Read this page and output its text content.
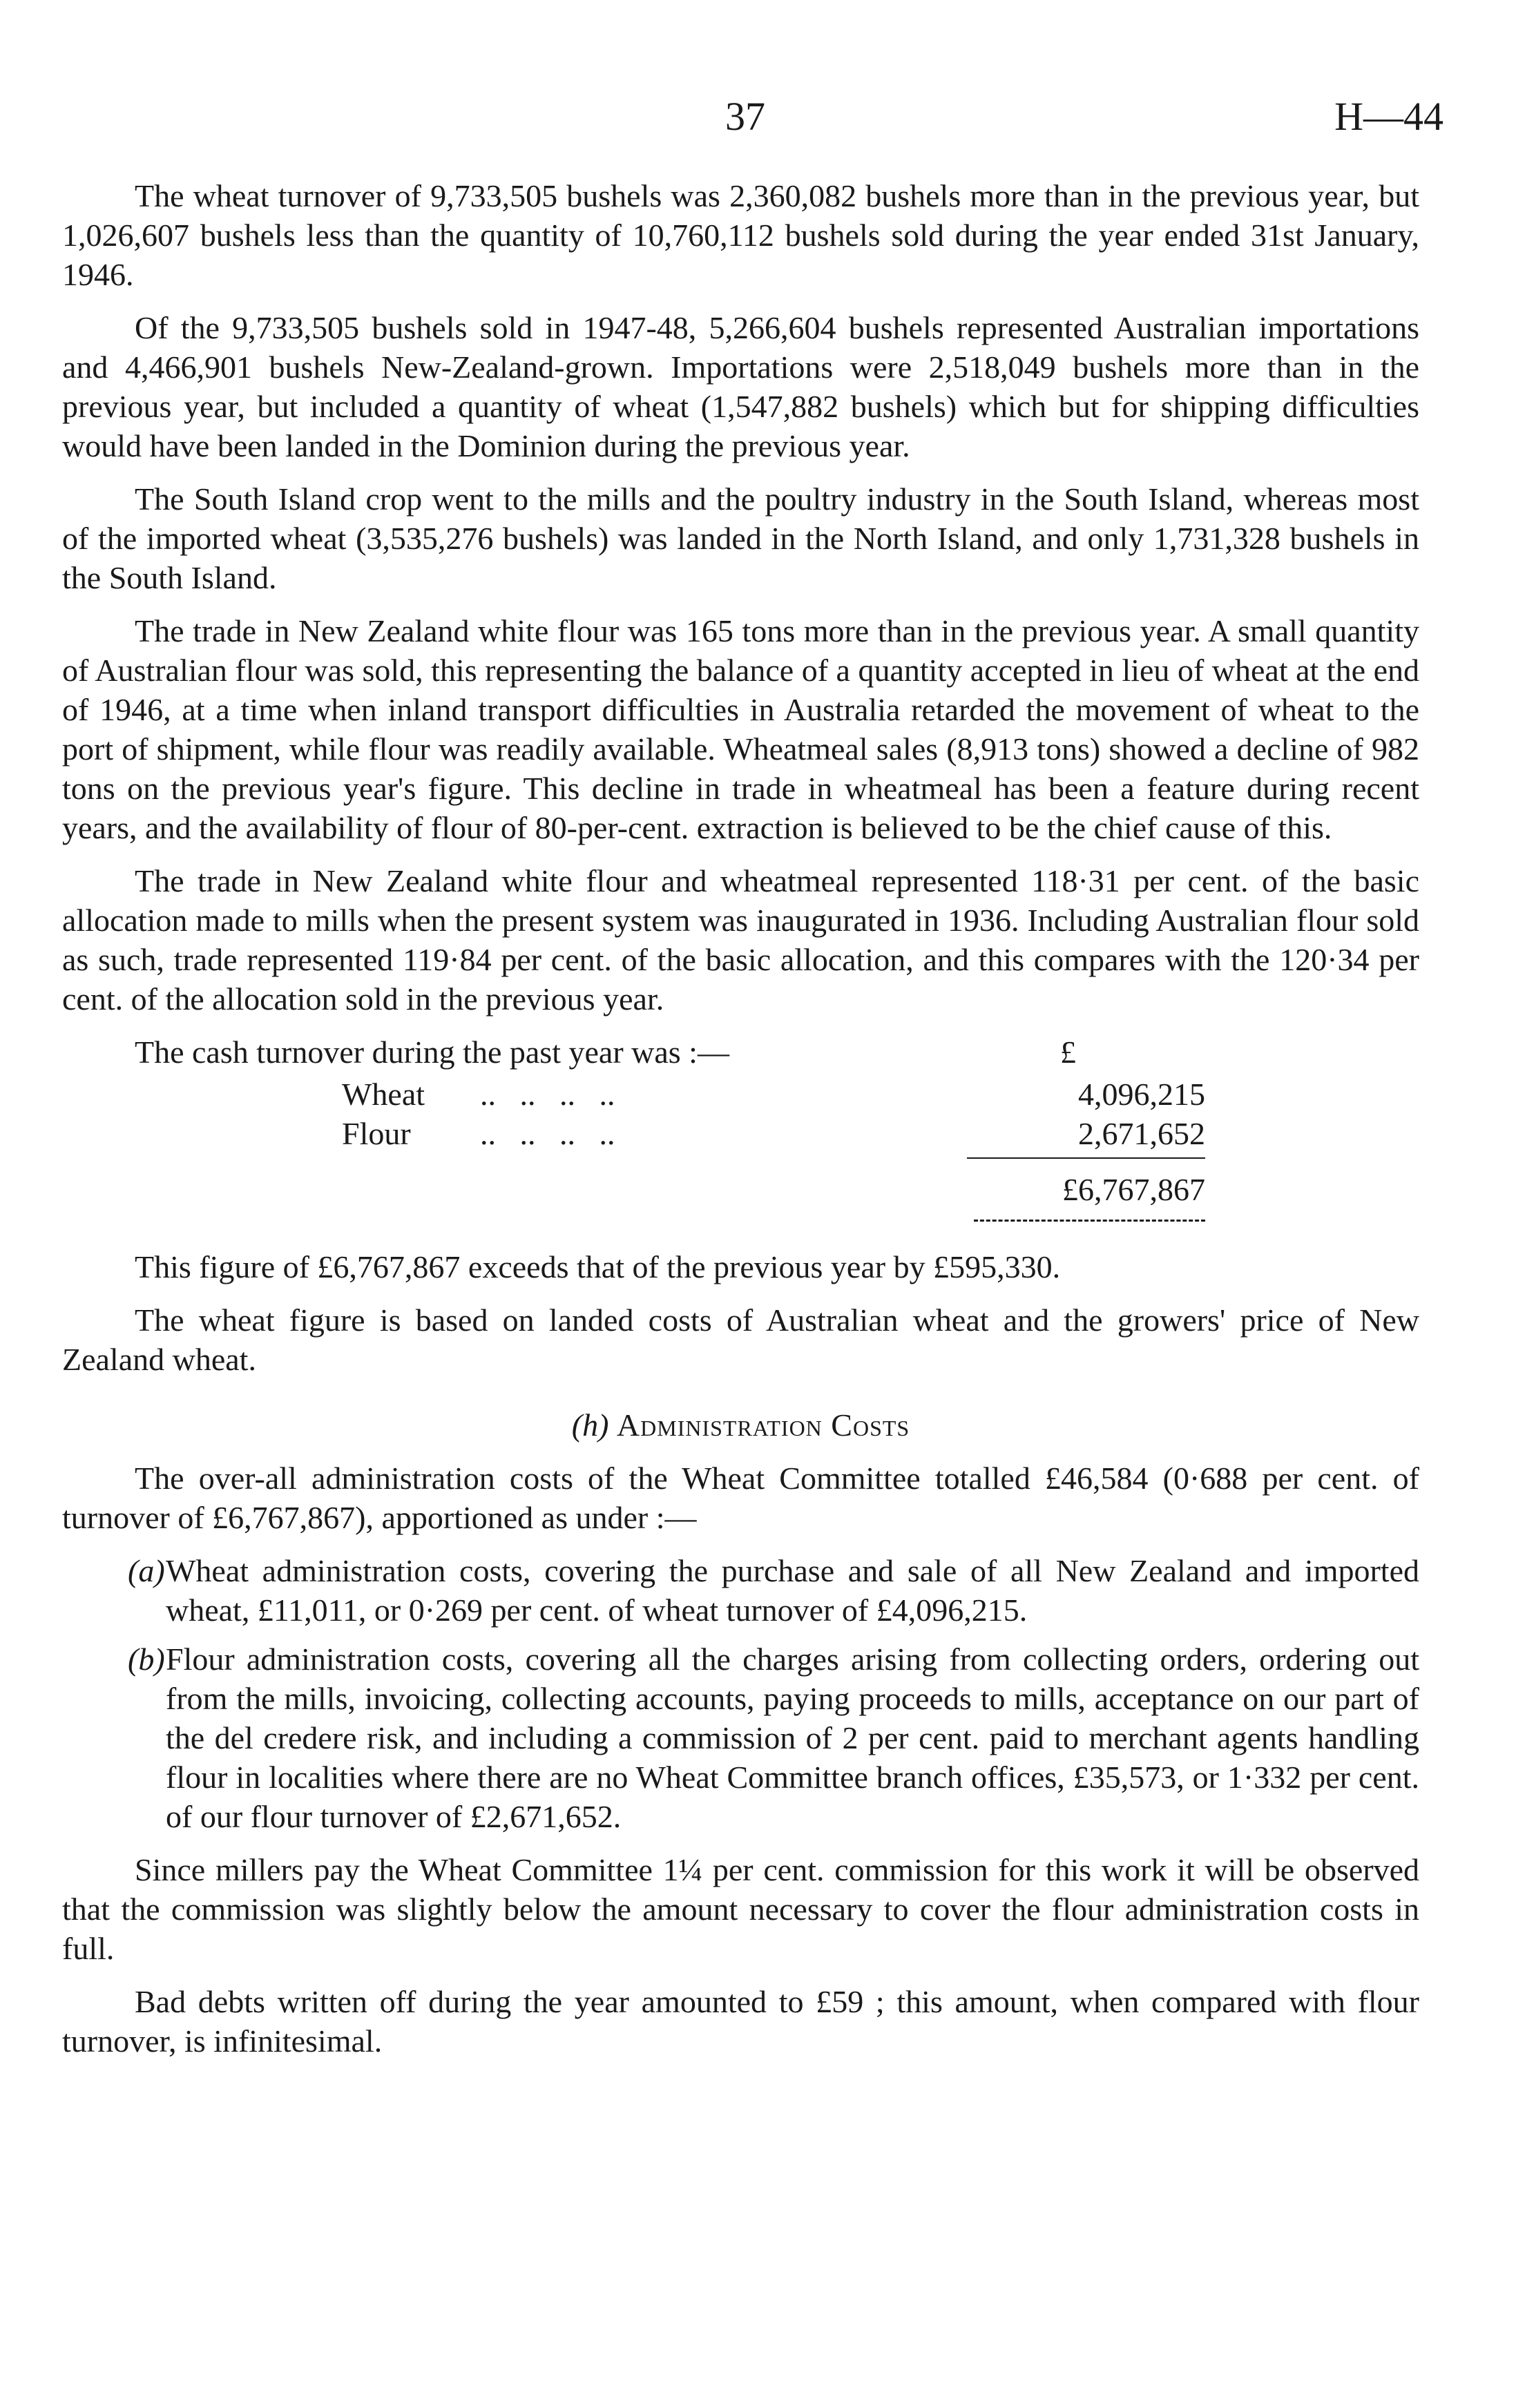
37	H—44

The wheat turnover of 9,733,505 bushels was 2,360,082 bushels more than in the previous year, but 1,026,607 bushels less than the quantity of 10,760,112 bushels sold during the year ended 31st January, 1946.

Of the 9,733,505 bushels sold in 1947-48, 5,266,604 bushels represented Australian importations and 4,466,901 bushels New-Zealand-grown. Importations were 2,518,049 bushels more than in the previous year, but included a quantity of wheat (1,547,882 bushels) which but for shipping difficulties would have been landed in the Dominion during the previous year.

The South Island crop went to the mills and the poultry industry in the South Island, whereas most of the imported wheat (3,535,276 bushels) was landed in the North Island, and only 1,731,328 bushels in the South Island.

The trade in New Zealand white flour was 165 tons more than in the previous year. A small quantity of Australian flour was sold, this representing the balance of a quantity accepted in lieu of wheat at the end of 1946, at a time when inland transport difficulties in Australia retarded the movement of wheat to the port of shipment, while flour was readily available. Wheatmeal sales (8,913 tons) showed a decline of 982 tons on the previous year's figure. This decline in trade in wheatmeal has been a feature during recent years, and the availability of flour of 80-per-cent. extraction is believed to be the chief cause of this.

The trade in New Zealand white flour and wheatmeal represented 118·31 per cent. of the basic allocation made to mills when the present system was inaugurated in 1936. Including Australian flour sold as such, trade represented 119·84 per cent. of the basic allocation, and this compares with the 120·34 per cent. of the allocation sold in the previous year.

The cash turnover during the past year was :—	£
Wheat ..   ..   ..   ..	4,096,215
Flour ..   ..   ..   ..	2,671,652
£6,767,867

This figure of £6,767,867 exceeds that of the previous year by £595,330.

The wheat figure is based on landed costs of Australian wheat and the growers' price of New Zealand wheat.

(h) Administration Costs

The over-all administration costs of the Wheat Committee totalled £46,584 (0·688 per cent. of turnover of £6,767,867), apportioned as under :—

(a) Wheat administration costs, covering the purchase and sale of all New Zealand and imported wheat, £11,011, or 0·269 per cent. of wheat turnover of £4,096,215.
(b) Flour administration costs, covering all the charges arising from collecting orders, ordering out from the mills, invoicing, collecting accounts, paying proceeds to mills, acceptance on our part of the del credere risk, and including a commission of 2 per cent. paid to merchant agents handling flour in localities where there are no Wheat Committee branch offices, £35,573, or 1·332 per cent. of our flour turnover of £2,671,652.

Since millers pay the Wheat Committee 1¼ per cent. commission for this work it will be observed that the commission was slightly below the amount necessary to cover the flour administration costs in full.

Bad debts written off during the year amounted to £59 ; this amount, when compared with flour turnover, is infinitesimal.
